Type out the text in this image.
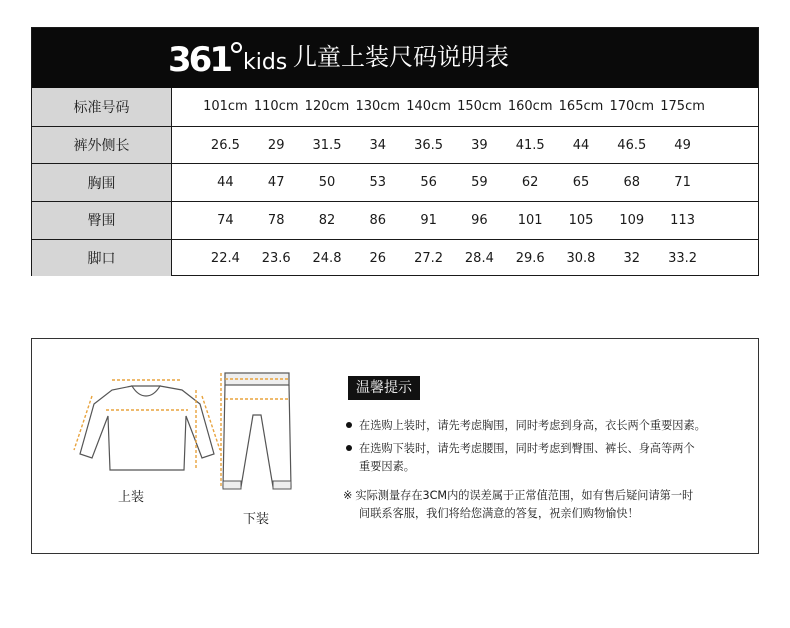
361 kids 儿童上装尺码说明表
标准号码	101cm 110cm 120cm 130cm 140cm 150cm 160cm 165cm 170cm 175cm
裤外侧长	26.5	29	31.5	34	36.5	39	41.5	44	46.5	49
胸围	44	47	50	53	56	59	62	65	68	71
臀围	74	78	82	86	91	96	101	105	109	113
脚口	22.4	23.6	24.8	26	27.2	28.4	29.6	30.8	32	33.2
上装
下装
温馨提示
在选购上装时，请先考虑胸围，同时考虑到身高，衣长两个重要因素。
在选购下装时，请先考虑腰围，同时考虑到臀围、裤长、身高等两个
重要因素。
※ 实际测量存在3CM内的误差属于正常值范围，如有售后疑问请第一时
间联系客服，我们将给您满意的答复，祝亲们购物愉快！
